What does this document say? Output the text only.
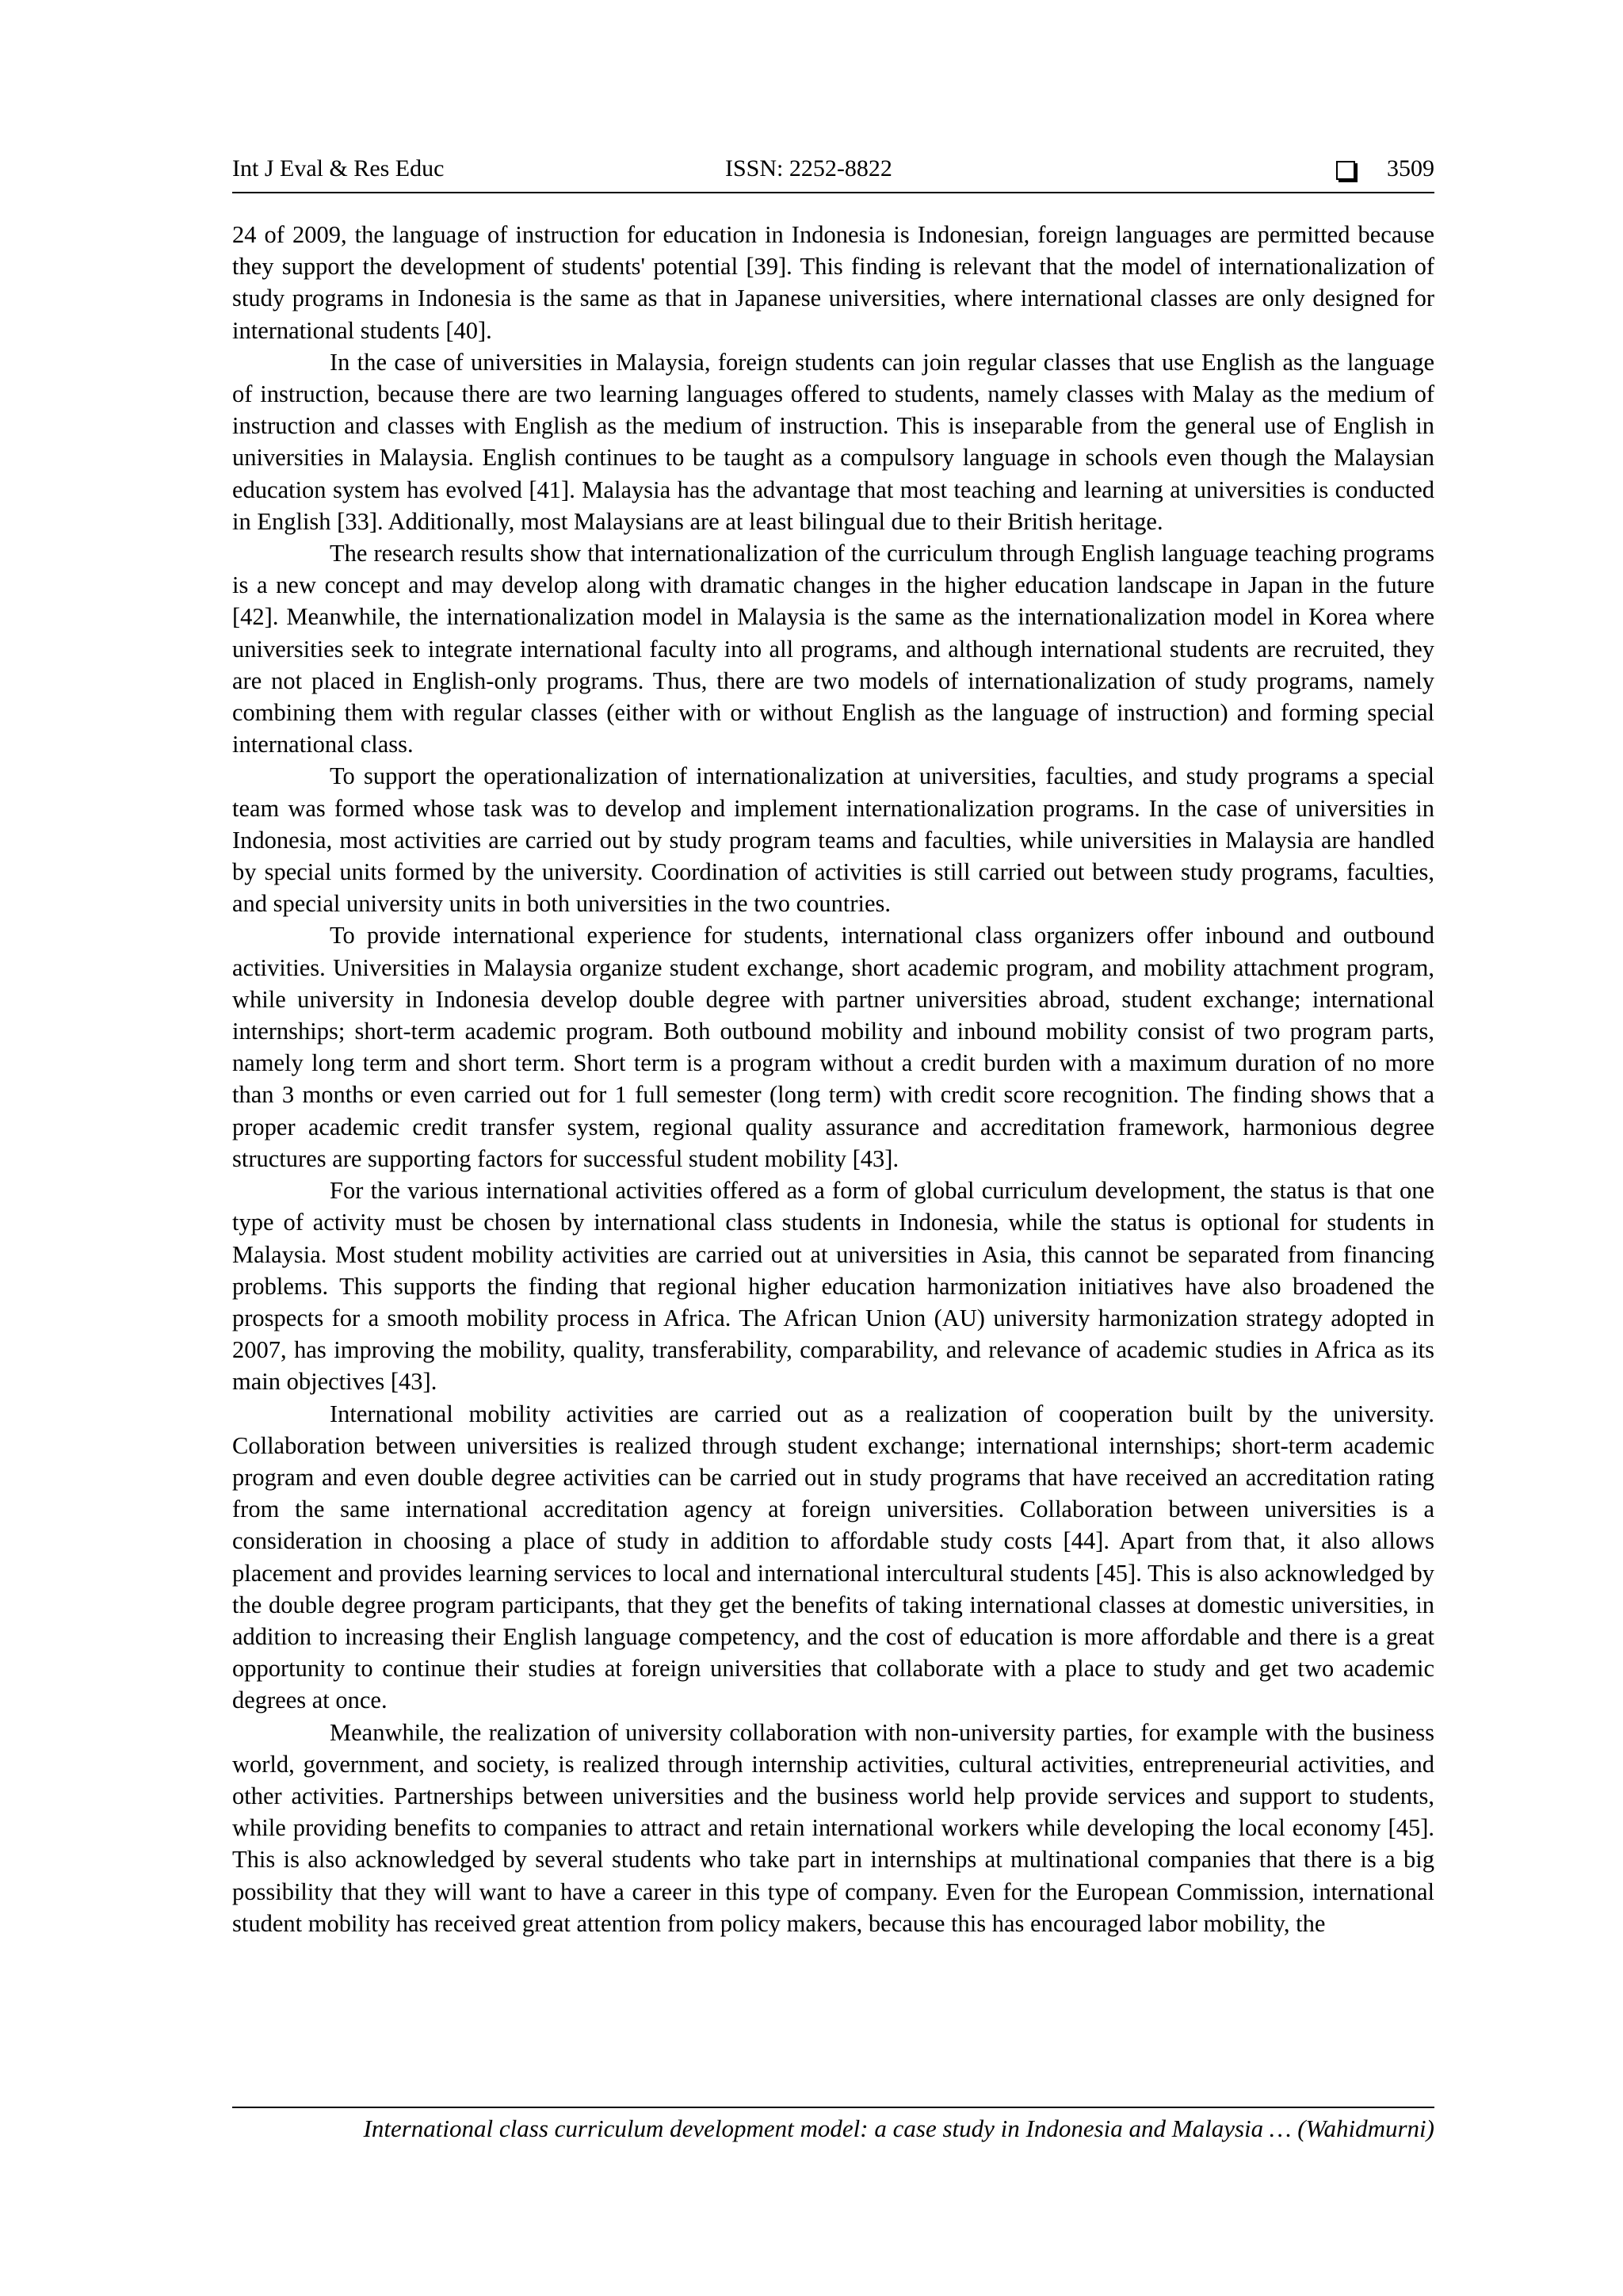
Int J Eval & Res Educ	ISSN: 2252-8822	3509

24 of 2009, the language of instruction for education in Indonesia is Indonesian, foreign languages are permitted because they support the development of students' potential [39]. This finding is relevant that the model of internationalization of study programs in Indonesia is the same as that in Japanese universities, where international classes are only designed for international students [40].

In the case of universities in Malaysia, foreign students can join regular classes that use English as the language of instruction, because there are two learning languages offered to students, namely classes with Malay as the medium of instruction and classes with English as the medium of instruction. This is inseparable from the general use of English in universities in Malaysia. English continues to be taught as a compulsory language in schools even though the Malaysian education system has evolved [41]. Malaysia has the advantage that most teaching and learning at universities is conducted in English [33]. Additionally, most Malaysians are at least bilingual due to their British heritage.

The research results show that internationalization of the curriculum through English language teaching programs is a new concept and may develop along with dramatic changes in the higher education landscape in Japan in the future [42]. Meanwhile, the internationalization model in Malaysia is the same as the internationalization model in Korea where universities seek to integrate international faculty into all programs, and although international students are recruited, they are not placed in English-only programs. Thus, there are two models of internationalization of study programs, namely combining them with regular classes (either with or without English as the language of instruction) and forming special international class.

To support the operationalization of internationalization at universities, faculties, and study programs a special team was formed whose task was to develop and implement internationalization programs. In the case of universities in Indonesia, most activities are carried out by study program teams and faculties, while universities in Malaysia are handled by special units formed by the university. Coordination of activities is still carried out between study programs, faculties, and special university units in both universities in the two countries.

To provide international experience for students, international class organizers offer inbound and outbound activities. Universities in Malaysia organize student exchange, short academic program, and mobility attachment program, while university in Indonesia develop double degree with partner universities abroad, student exchange; international internships; short-term academic program. Both outbound mobility and inbound mobility consist of two program parts, namely long term and short term. Short term is a program without a credit burden with a maximum duration of no more than 3 months or even carried out for 1 full semester (long term) with credit score recognition. The finding shows that a proper academic credit transfer system, regional quality assurance and accreditation framework, harmonious degree structures are supporting factors for successful student mobility [43].

For the various international activities offered as a form of global curriculum development, the status is that one type of activity must be chosen by international class students in Indonesia, while the status is optional for students in Malaysia. Most student mobility activities are carried out at universities in Asia, this cannot be separated from financing problems. This supports the finding that regional higher education harmonization initiatives have also broadened the prospects for a smooth mobility process in Africa. The African Union (AU) university harmonization strategy adopted in 2007, has improving the mobility, quality, transferability, comparability, and relevance of academic studies in Africa as its main objectives [43].

International mobility activities are carried out as a realization of cooperation built by the university. Collaboration between universities is realized through student exchange; international internships; short-term academic program and even double degree activities can be carried out in study programs that have received an accreditation rating from the same international accreditation agency at foreign universities. Collaboration between universities is a consideration in choosing a place of study in addition to affordable study costs [44]. Apart from that, it also allows placement and provides learning services to local and international intercultural students [45]. This is also acknowledged by the double degree program participants, that they get the benefits of taking international classes at domestic universities, in addition to increasing their English language competency, and the cost of education is more affordable and there is a great opportunity to continue their studies at foreign universities that collaborate with a place to study and get two academic degrees at once.

Meanwhile, the realization of university collaboration with non-university parties, for example with the business world, government, and society, is realized through internship activities, cultural activities, entrepreneurial activities, and other activities. Partnerships between universities and the business world help provide services and support to students, while providing benefits to companies to attract and retain international workers while developing the local economy [45]. This is also acknowledged by several students who take part in internships at multinational companies that there is a big possibility that they will want to have a career in this type of company. Even for the European Commission, international student mobility has received great attention from policy makers, because this has encouraged labor mobility, the

International class curriculum development model: a case study in Indonesia and Malaysia … (Wahidmurni)
